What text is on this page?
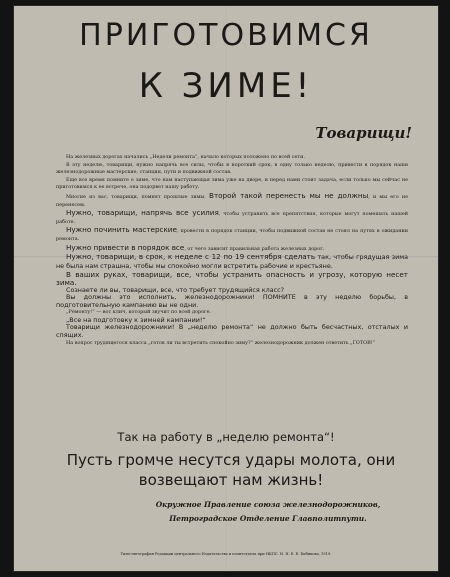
ПРИГОТОВИМСЯ
К ЗИМЕ!
Товарищи!

На железных дорогах начались „Недели ремонта“, начало которых положено по всей сети.

В эту неделю, товарищи, нужно напрячь все силы, чтобы в короткий срок, в одну только неделю, привести в порядок наши железнодорожные мастерские, станции, пути и подвижной состав.

Еще все время помните о зиме, что нам наступающая зима уже на дворе, и перед нами стоит задача, если только мы сейчас не приготовимся к ее встрече, она подорвет нашу работу.

Многие из вас, товарищи, помнят прошлые зимы. Второй такой перенесть мы не должны, и мы его не перенесем.

Нужно, товарищи, напрячь все усилия, чтобы устранить все препятствия, которые могут помешать нашей работе.

Нужно починить мастерские, провести в порядок станции, чтобы подвижной состав не стоял на путях в ожидании ремонта.

Нужно привести в порядок все, от чего зависит правильная работа железных дорог.

Нужно, товарищи, в срок, к неделе с 12 по 19 сентября сделать так, чтобы грядущая зима не была нам страшна, чтобы мы спокойно могли встретить рабочие и крестьяне.

В ваших руках, товарищи, все, чтобы устранить опасность и угрозу, которую несет зима.

Сознаете ли вы, товарищи, все, что требует трудящийся класс?

Вы должны это исполнить, железнодорожники! ПОМНИТЕ в эту неделю борьбы, в подготовительную кампанию вы не одни.

„Ремонту!“ — вот клич, который звучит по всей дороге.

„Все на подготовку к зимней кампании!“

Товарищи железнодорожники! В „неделю ремонта“ не должно быть бесчастных, отсталых и спящих.

На вопрос трудящегося класса „готов ли ты встретить спокойно зиму?“ железнодорожник должен ответить „ГОТОВ!“

Так на работу в „неделю ремонта“!
Пусть громче несутся удары молота, они возвещают нам жизнь!
Окружное Правление союза железнодорожников,
Петроградское Отделение Главполитпути.
Типо-литография Редакции центрального Издательства и политотдела при НКПС. Н. Н. Е. Е. Бибикова, 1919.
